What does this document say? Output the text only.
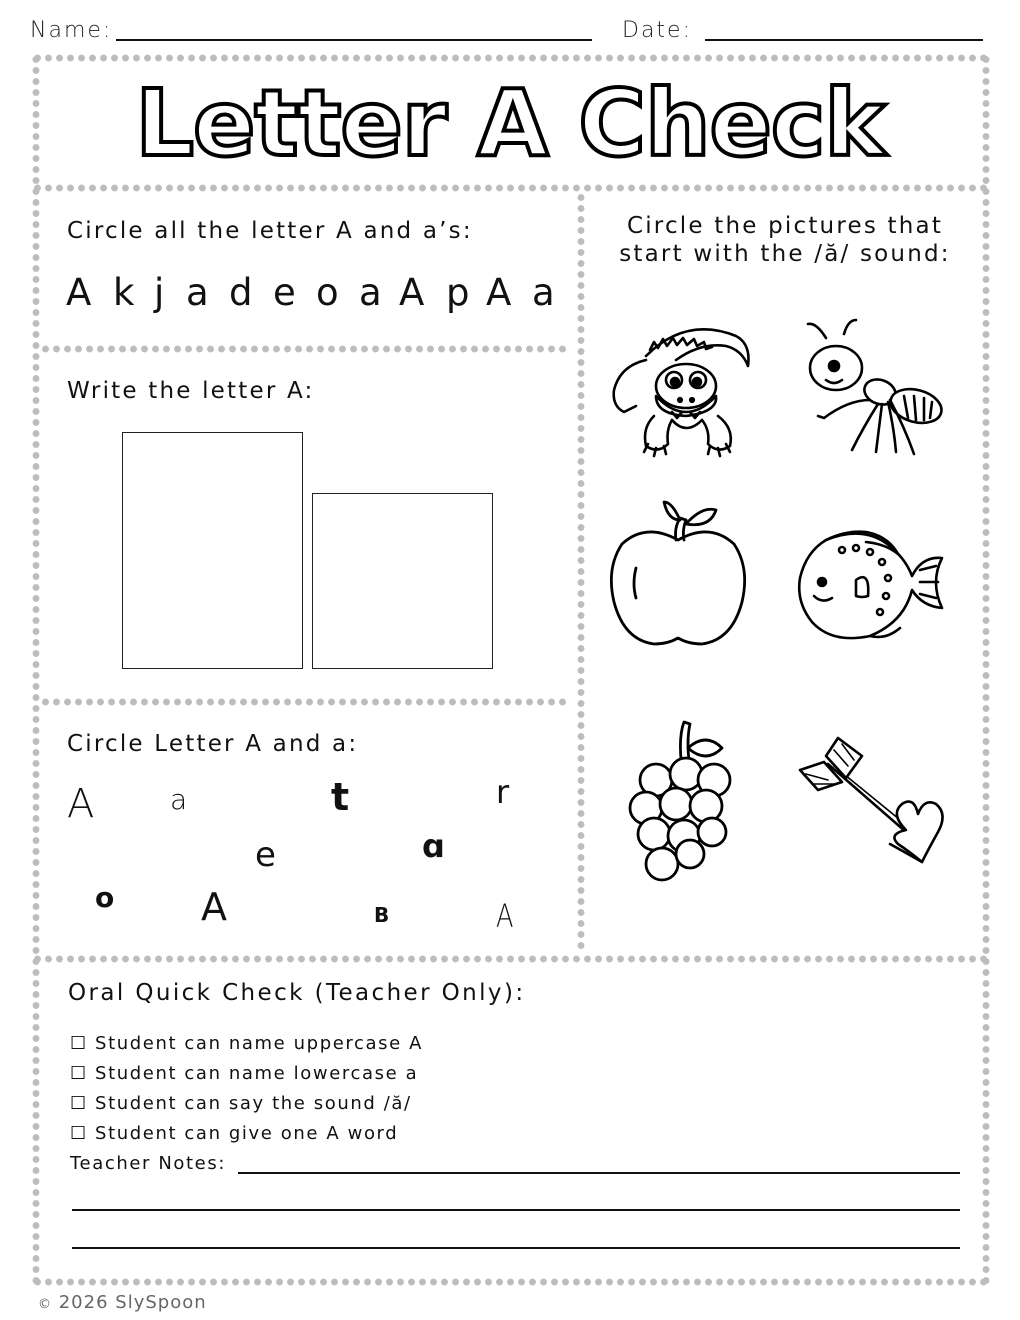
Name:	Date:
Letter A Check
Circle all the letter A and a’s:
A k j a d e o a A p A a
Write the letter A:
Circle Letter A and a:
A	a	t	r
e	ɑ
o A	B	A
Circle the pictures that
start with the /ă/ sound:
Oral Quick Check (Teacher Only):
☐ Student can name uppercase A
☐ Student can name lowercase a
☐ Student can say the sound /ă/
☐ Student can give one A word
Teacher Notes:
© 2026 SlySpoon
